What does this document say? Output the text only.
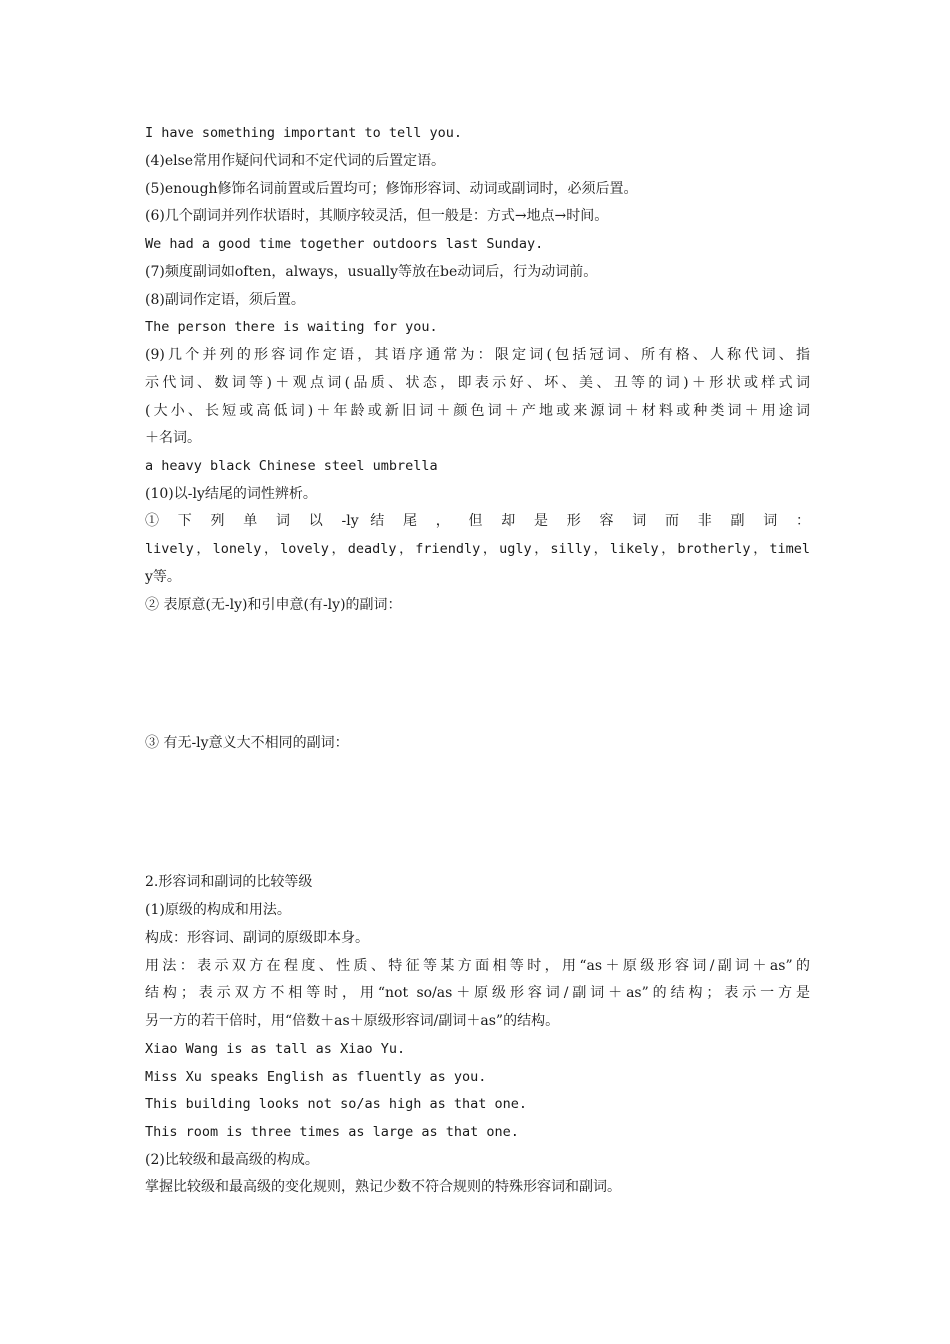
I have something important to tell you.
(4)else常用作疑问代词和不定代词的后置定语。
(5)enough修饰名词前置或后置均可；修饰形容词、动词或副词时，必须后置。
(6)几个副词并列作状语时，其顺序较灵活，但一般是：方式→地点→时间。
We had a good time together outdoors last Sunday.
(7)频度副词如often，always，usually等放在be动词后，行为动词前。
(8)副词作定语，须后置。
The person there is waiting for you.
(9)几个并列的形容词作定语，其语序通常为：限定词(包括冠词、所有格、人称代词、指
示代词、数词等)＋观点词(品质、状态，即表示好、坏、美、丑等的词)＋形状或样式词
(大小、长短或高低词)＋年龄或新旧词＋颜色词＋产地或来源词＋材料或种类词＋用途词
＋名词。
a heavy black Chinese steel umbrella
(10)以-ly结尾的词性辨析。
① 下 列 单 词 以 -ly 结 尾 ， 但 却 是 形 容 词 而 非 副 词 ：
lively，lonely，lovely，deadly，friendly，ugly，silly，likely，brotherly，timel
y等。
② 表原意(无-ly)和引申意(有-ly)的副词：
③ 有无-ly意义大不相同的副词：
2.形容词和副词的比较等级
(1)原级的构成和用法。
构成：形容词、副词的原级即本身。
用法：表示双方在程度、性质、特征等某方面相等时，用“as＋原级形容词/副词＋as”的
结构；表示双方不相等时，用“not so/as＋原级形容词/副词＋as”的结构；表示一方是
另一方的若干倍时，用“倍数＋as＋原级形容词/副词＋as”的结构。
Xiao Wang is as tall as Xiao Yu.
Miss Xu speaks English as fluently as you.
This building looks not so/as high as that one.
This room is three times as large as that one.
(2)比较级和最高级的构成。
掌握比较级和最高级的变化规则，熟记少数不符合规则的特殊形容词和副词。
